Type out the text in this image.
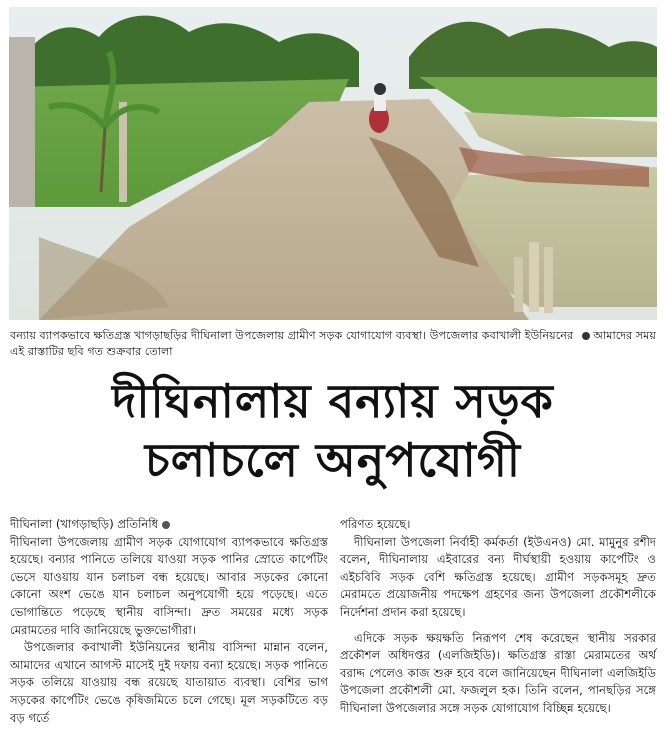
আমাদের সময়
বন্যায় ব্যাপকভাবে ক্ষতিগ্রস্ত খাগড়াছড়ির দীঘিনালা উপজেলায় গ্রামীণ সড়ক যোগাযোগ ব্যবস্থা। উপজেলার কবাখালী ইউনিয়নের এই রাস্তাটির ছবি গত শুক্রবার তোলা
দীঘিনালায় বন্যায় সড়ক
চলাচলে অনুপযোগী

দীঘিনালা (খাগড়াছড়ি) প্রতিনিধি

দীঘিনালা উপজেলায় গ্রামীণ সড়ক যোগাযোগ ব্যাপকভাবে ক্ষতিগ্রস্ত হয়েছে। বন্যার পানিতে তলিয়ে যাওয়া সড়ক পানির স্রোতে কার্পেটিং ভেসে যাওয়ায় যান চলাচল বন্ধ হয়েছে। আবার সড়কের কোনো কোনো অংশ ভেঙে যান চলাচল অনুপযোগী হয়ে পড়েছে। এতে ভোগান্তিতে পড়েছে স্থানীয় বাসিন্দা। দ্রুত সময়ের মধ্যে সড়ক মেরামতের দাবি জানিয়েছে ভুক্তভোগীরা।

উপজেলার কবাখালী ইউনিয়নের স্থানীয় বাসিন্দা মান্নান বলেন, আমাদের এখানে আগস্ট মাসেই দুই দফায় বন্যা হয়েছে। সড়ক পানিতে সড়ক তলিয়ে যাওয়ায় বন্ধ রয়েছে যাতায়াত ব্যবস্থা। বেশির ভাগ সড়কের কার্পেটিং ভেঙে কৃষিজমিতে চলে গেছে। মূল সড়কটিতে বড় বড় গর্তে

পরিণত হয়েছে।

দীঘিনালা উপজেলা নির্বাহী কর্মকর্তা (ইউএনও) মো. মামুনুর রশীদ বলেন, দীঘিনালায় এইবারের বন্য দীর্ঘস্থায়ী হওয়ায় কার্পেটিং ও এইচবিবি সড়ক বেশি ক্ষতিগ্রস্ত হয়েছে। গ্রামীণ সড়কসমূহ দ্রুত মেরামতে প্রয়োজনীয় পদক্ষেপ গ্রহণের জন্য উপজেলা প্রকৌশলীকে নির্দেশনা প্রদান করা হয়েছে।

এদিকে সড়ক ক্ষয়ক্ষতি নিরূপণ শেষ করেছেন স্থানীয় সরকার প্রকৌশল অধিদপ্তর (এলজিইডি)। ক্ষতিগ্রস্ত রাস্তা মেরামতের অর্থ বরাদ্দ পেলেও কাজ শুরু হবে বলে জানিয়েছেন দীঘিনালা এলজিইডি উপজেলা প্রকৌশলী মো. ফজলুল হক। তিনি বলেন, পানছড়ির সঙ্গে দীঘিনালা উপজেলার সঙ্গে সড়ক যোগাযোগ বিচ্ছিন্ন হয়েছে।
